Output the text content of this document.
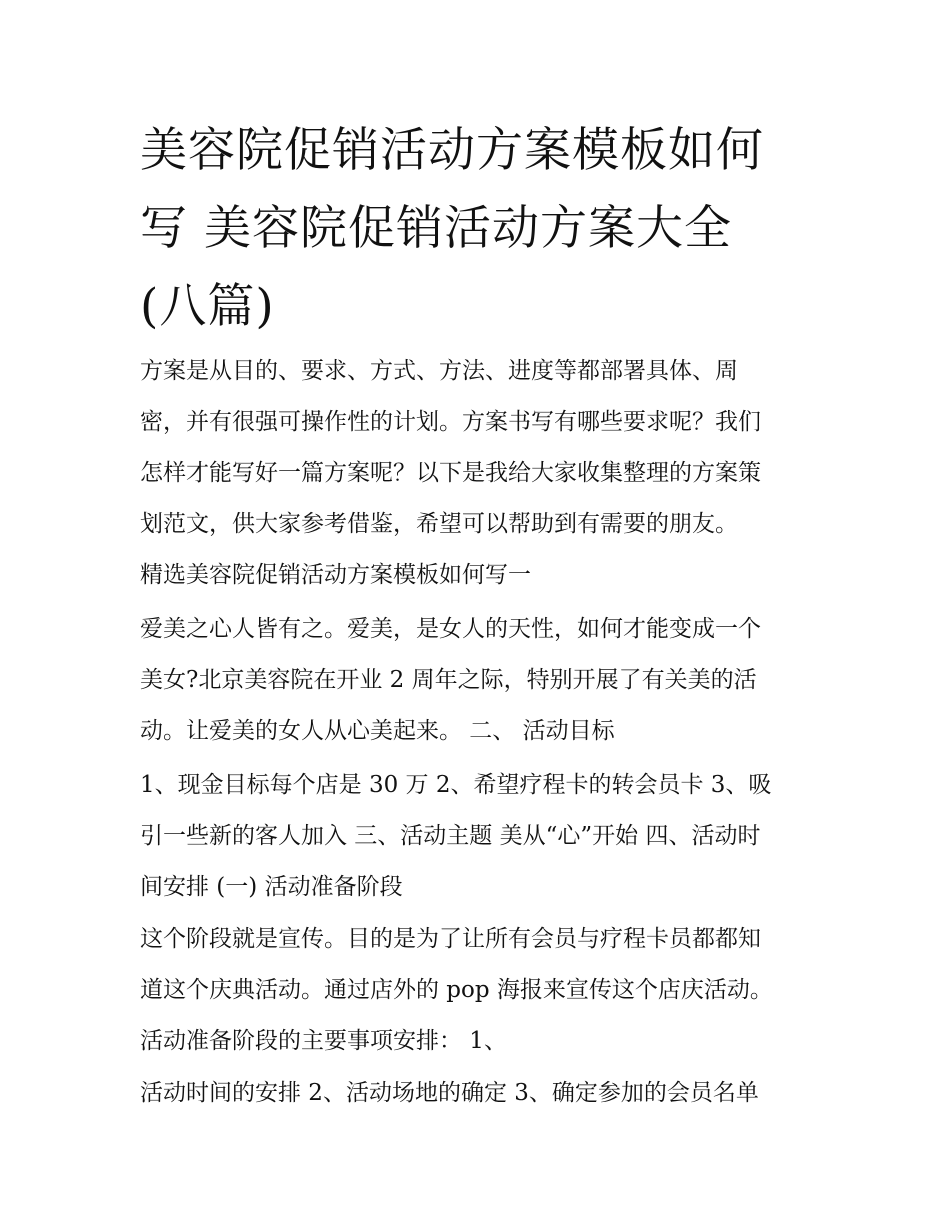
美容院促销活动方案模板如何
写 美容院促销活动方案大全
(八篇)
方案是从目的、要求、方式、方法、进度等都部署具体、周
密，并有很强可操作性的计划。方案书写有哪些要求呢？我们
怎样才能写好一篇方案呢？以下是我给大家收集整理的方案策
划范文，供大家参考借鉴，希望可以帮助到有需要的朋友。
精选美容院促销活动方案模板如何写一
爱美之心人皆有之。爱美，是女人的天性，如何才能变成一个
美女?北京美容院在开业 2 周年之际，特别开展了有关美的活
动。让爱美的女人从心美起来。 二、 活动目标
1、现金目标每个店是 30 万 2、希望疗程卡的转会员卡 3、吸
引一些新的客人加入 三、活动主题 美从“心”开始 四、活动时
间安排 (一) 活动准备阶段
这个阶段就是宣传。目的是为了让所有会员与疗程卡员都都知
道这个庆典活动。通过店外的 pop 海报来宣传这个店庆活动。
活动准备阶段的主要事项安排： 1、
活动时间的安排 2、活动场地的确定 3、确定参加的会员名单
